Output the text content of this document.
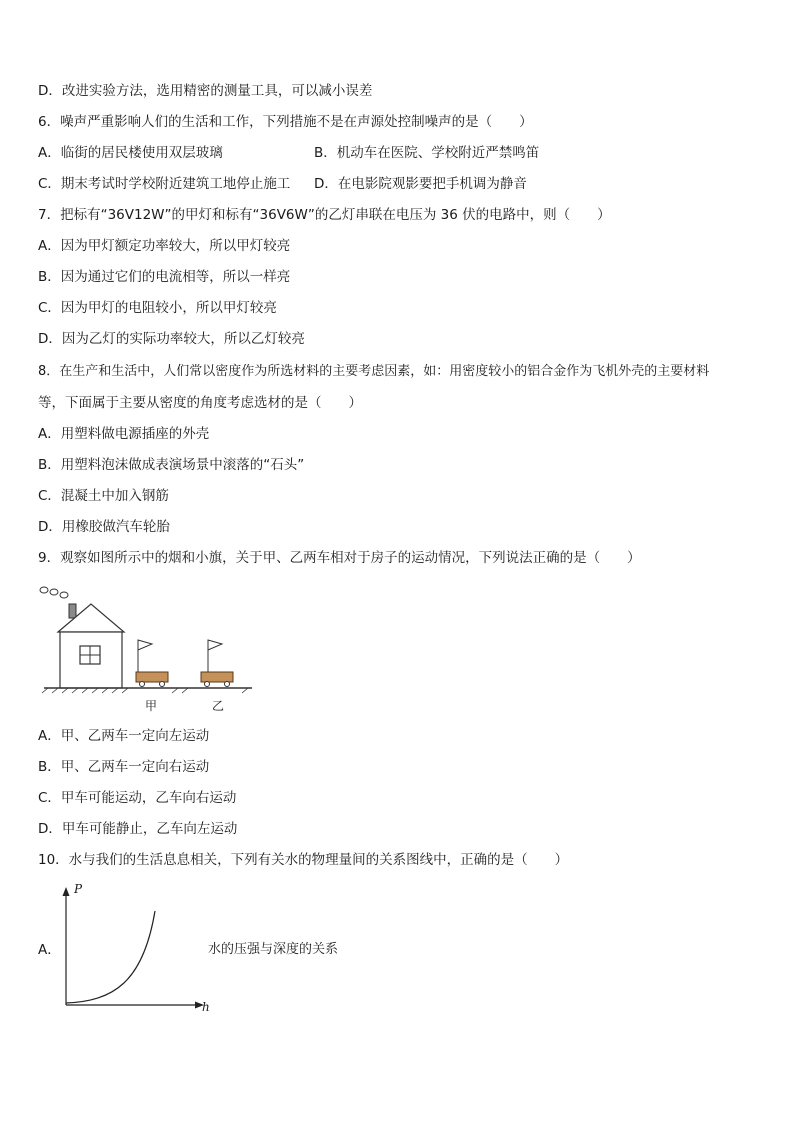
D．改进实验方法，选用精密的测量工具，可以减小误差
6．噪声严重影响人们的生活和工作，下列措施不是在声源处控制噪声的是（　　）
A．临街的居民楼使用双层玻璃	B．机动车在医院、学校附近严禁鸣笛
C．期末考试时学校附近建筑工地停止施工 D．在电影院观影要把手机调为静音
7．把标有“36V12W”的甲灯和标有“36V6W”的乙灯串联在电压为 36 伏的电路中，则（　　）
A．因为甲灯额定功率较大，所以甲灯较亮
B．因为通过它们的电流相等，所以一样亮
C．因为甲灯的电阻较小，所以甲灯较亮
D．因为乙灯的实际功率较大，所以乙灯较亮
8．在生产和生活中，人们常以密度作为所选材料的主要考虑因素，如：用密度较小的铝合金作为飞机外壳的主要材料
等，下面属于主要从密度的角度考虑选材的是（　　）
A．用塑料做电源插座的外壳
B．用塑料泡沫做成表演场景中滚落的“石头”
C．混凝土中加入钢筋
D．用橡胶做汽车轮胎
9．观察如图所示中的烟和小旗，关于甲、乙两车相对于房子的运动情况，下列说法正确的是（　　）
甲	乙
A．甲、乙两车一定向左运动
B．甲、乙两车一定向右运动
C．甲车可能运动，乙车向右运动
D．甲车可能静止，乙车向左运动
10．水与我们的生活息息相关，下列有关水的物理量间的关系图线中，正确的是（　　）
A．
P
h
水的压强与深度的关系
